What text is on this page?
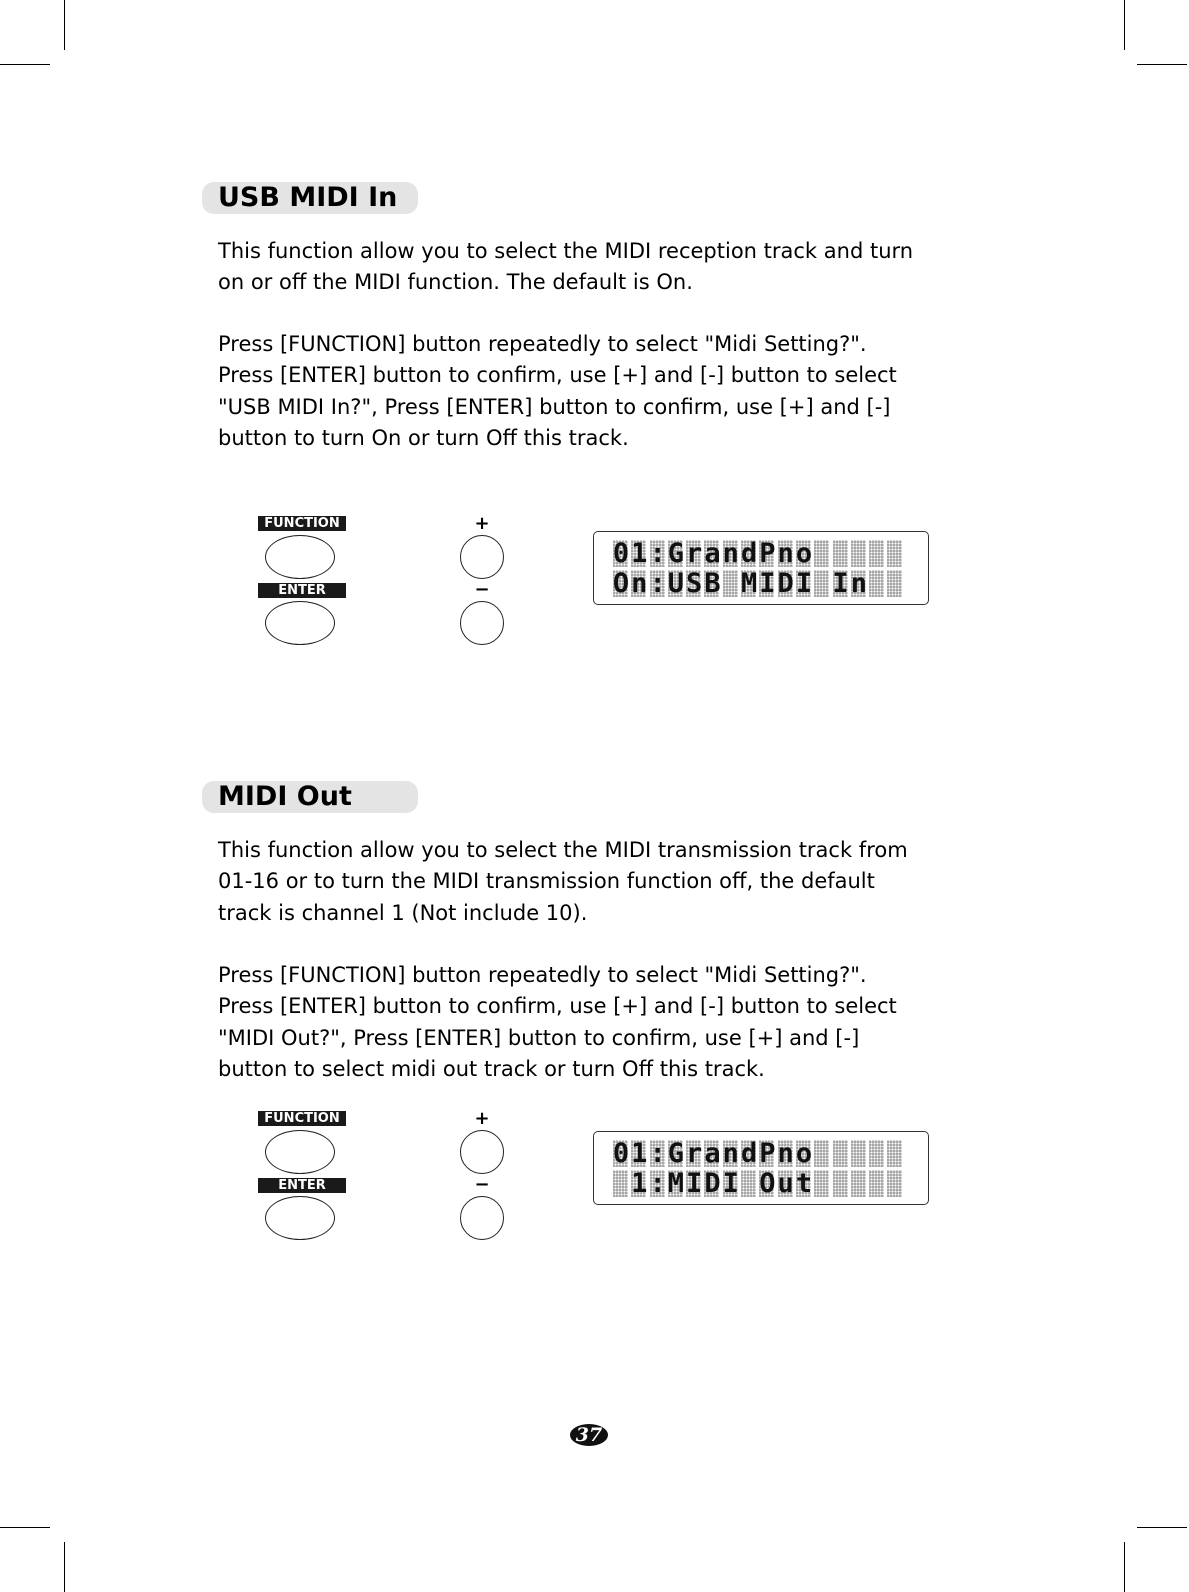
USB MIDI In

This function allow you to select the MIDI reception track and turn
on or off the MIDI function. The default is On.

Press [FUNCTION] button repeatedly to select "Midi Setting?".
Press [ENTER] button to confirm, use [+] and [-] button to select
"USB MIDI In?", Press [ENTER] button to confirm, use [+] and [-]
button to turn On or turn Off this track.

FUNCTION
ENTER
+
−
0 1 : G r a n d P n o
O n : U S B M I D I I n
MIDI Out

This function allow you to select the MIDI transmission track from
01-16 or to turn the MIDI transmission function off, the default
track is channel 1 (Not include 10).

Press [FUNCTION] button repeatedly to select "Midi Setting?".
Press [ENTER] button to confirm, use [+] and [-] button to select
"MIDI Out?", Press [ENTER] button to confirm, use [+] and [-]
button to select midi out track or turn Off this track.

FUNCTION
ENTER
+
−
0 1 : G r a n d P n o
1 : M I D I O u t
37
